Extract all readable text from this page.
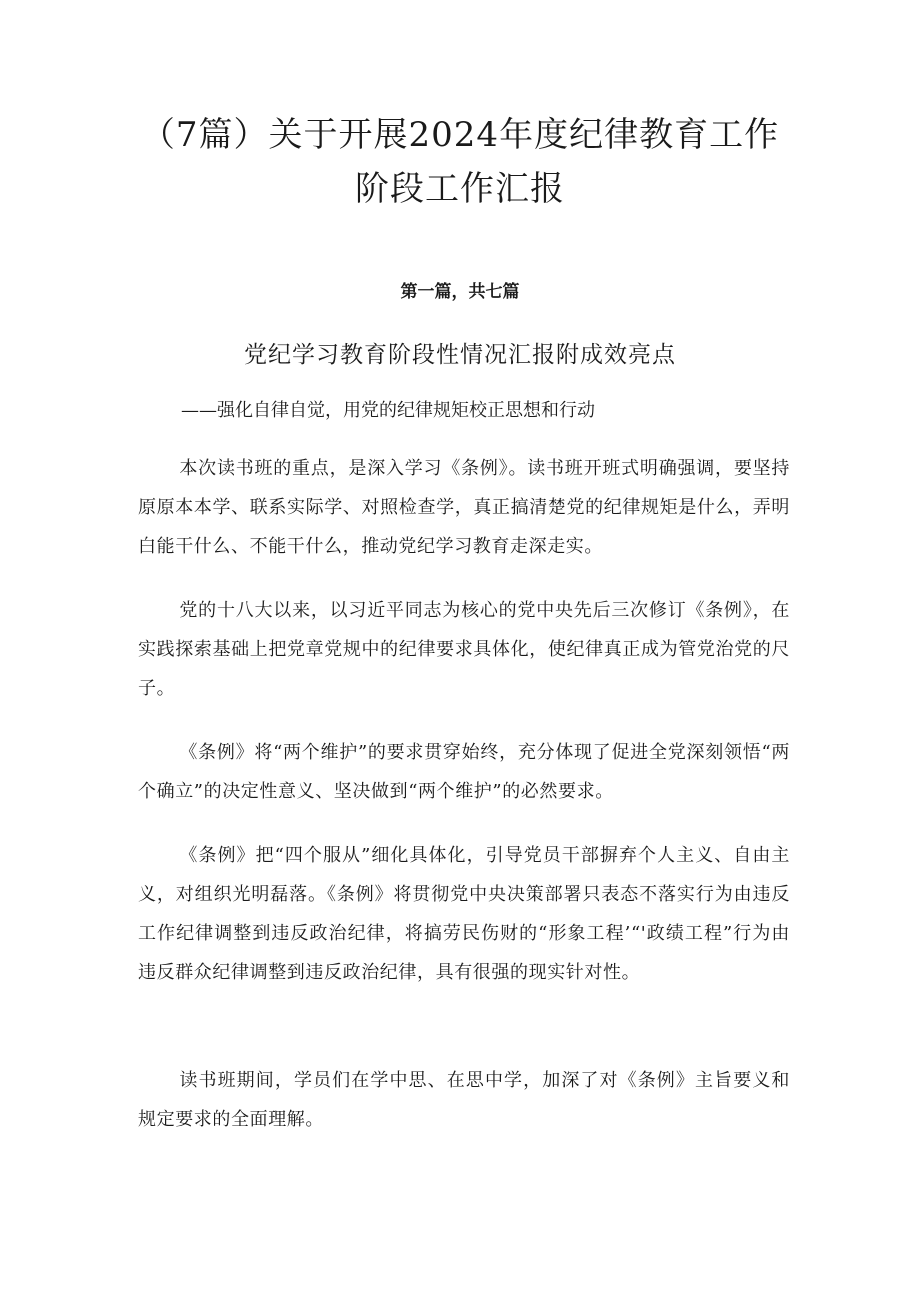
（7篇）关于开展2024年度纪律教育工作
阶段工作汇报
第一篇，共七篇
党纪学习教育阶段性情况汇报附成效亮点
——强化自律自觉，用党的纪律规矩校正思想和行动

本次读书班的重点，是深入学习《条例》。读书班开班式明确强调，要坚持原原本本学、联系实际学、对照检查学，真正搞清楚党的纪律规矩是什么，弄明白能干什么、不能干什么，推动党纪学习教育走深走实。

党的十八大以来，以习近平同志为核心的党中央先后三次修订《条例》，在实践探索基础上把党章党规中的纪律要求具体化，使纪律真正成为管党治党的尺子。

《条例》将“两个维护”的要求贯穿始终，充分体现了促进全党深刻领悟“两个确立”的决定性意义、坚决做到“两个维护”的必然要求。

《条例》把“四个服从”细化具体化，引导党员干部摒弃个人主义、自由主义，对组织光明磊落。《条例》将贯彻党中央决策部署只表态不落实行为由违反工作纪律调整到违反政治纪律，将搞劳民伤财的“形象工程’“'政绩工程”行为由违反群众纪律调整到违反政治纪律，具有很强的现实针对性。

读书班期间，学员们在学中思、在思中学，加深了对《条例》主旨要义和规定要求的全面理解。
